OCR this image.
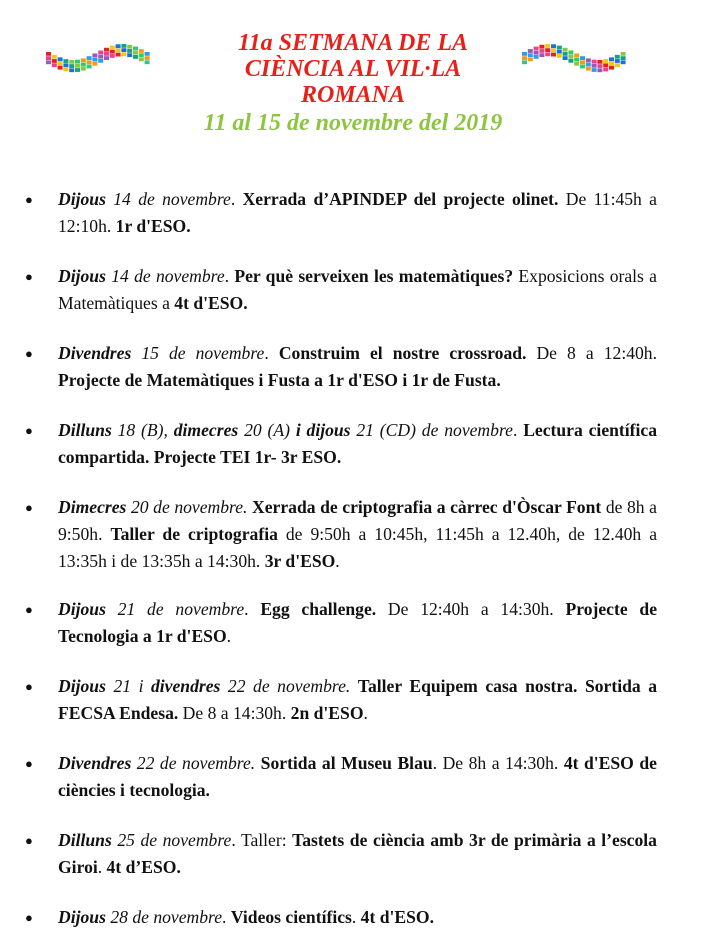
11a SETMANA DE LA
CIÈNCIA AL VIL·LA
ROMANA
11 al 15 de novembre del 2019
● Dijous 14 de novembre. Xerrada d’APINDEP del projecte olinet. De 11:45h a 12:10h. 1r d'ESO.
● Dijous 14 de novembre. Per què serveixen les matemàtiques? Exposicions orals a Matemàtiques a 4t d'ESO.
● Divendres 15 de novembre. Construim el nostre crossroad. De 8 a 12:40h. Projecte de Matemàtiques i Fusta a 1r d'ESO i 1r de Fusta.
● Dilluns 18 (B), dimecres 20 (A) i dijous 21 (CD) de novembre. Lectura científica compartida. Projecte TEI 1r- 3r ESO.
● Dimecres 20 de novembre. Xerrada de criptografia a càrrec d'Òscar Font de 8h a 9:50h. Taller de criptografia de 9:50h a 10:45h, 11:45h a 12.40h, de 12.40h a 13:35h i de 13:35h a 14:30h. 3r d'ESO.
● Dijous 21 de novembre. Egg challenge. De 12:40h a 14:30h. Projecte de Tecnologia a 1r d'ESO.
● Dijous 21 i divendres 22 de novembre. Taller Equipem casa nostra. Sortida a FECSA Endesa. De 8 a 14:30h. 2n d'ESO.
● Divendres 22 de novembre. Sortida al Museu Blau. De 8h a 14:30h. 4t d'ESO de ciències i tecnologia.
● Dilluns 25 de novembre. Taller: Tastets de ciència amb 3r de primària a l’escola Giroi. 4t d’ESO.
● Dijous 28 de novembre. Videos científics. 4t d'ESO.
